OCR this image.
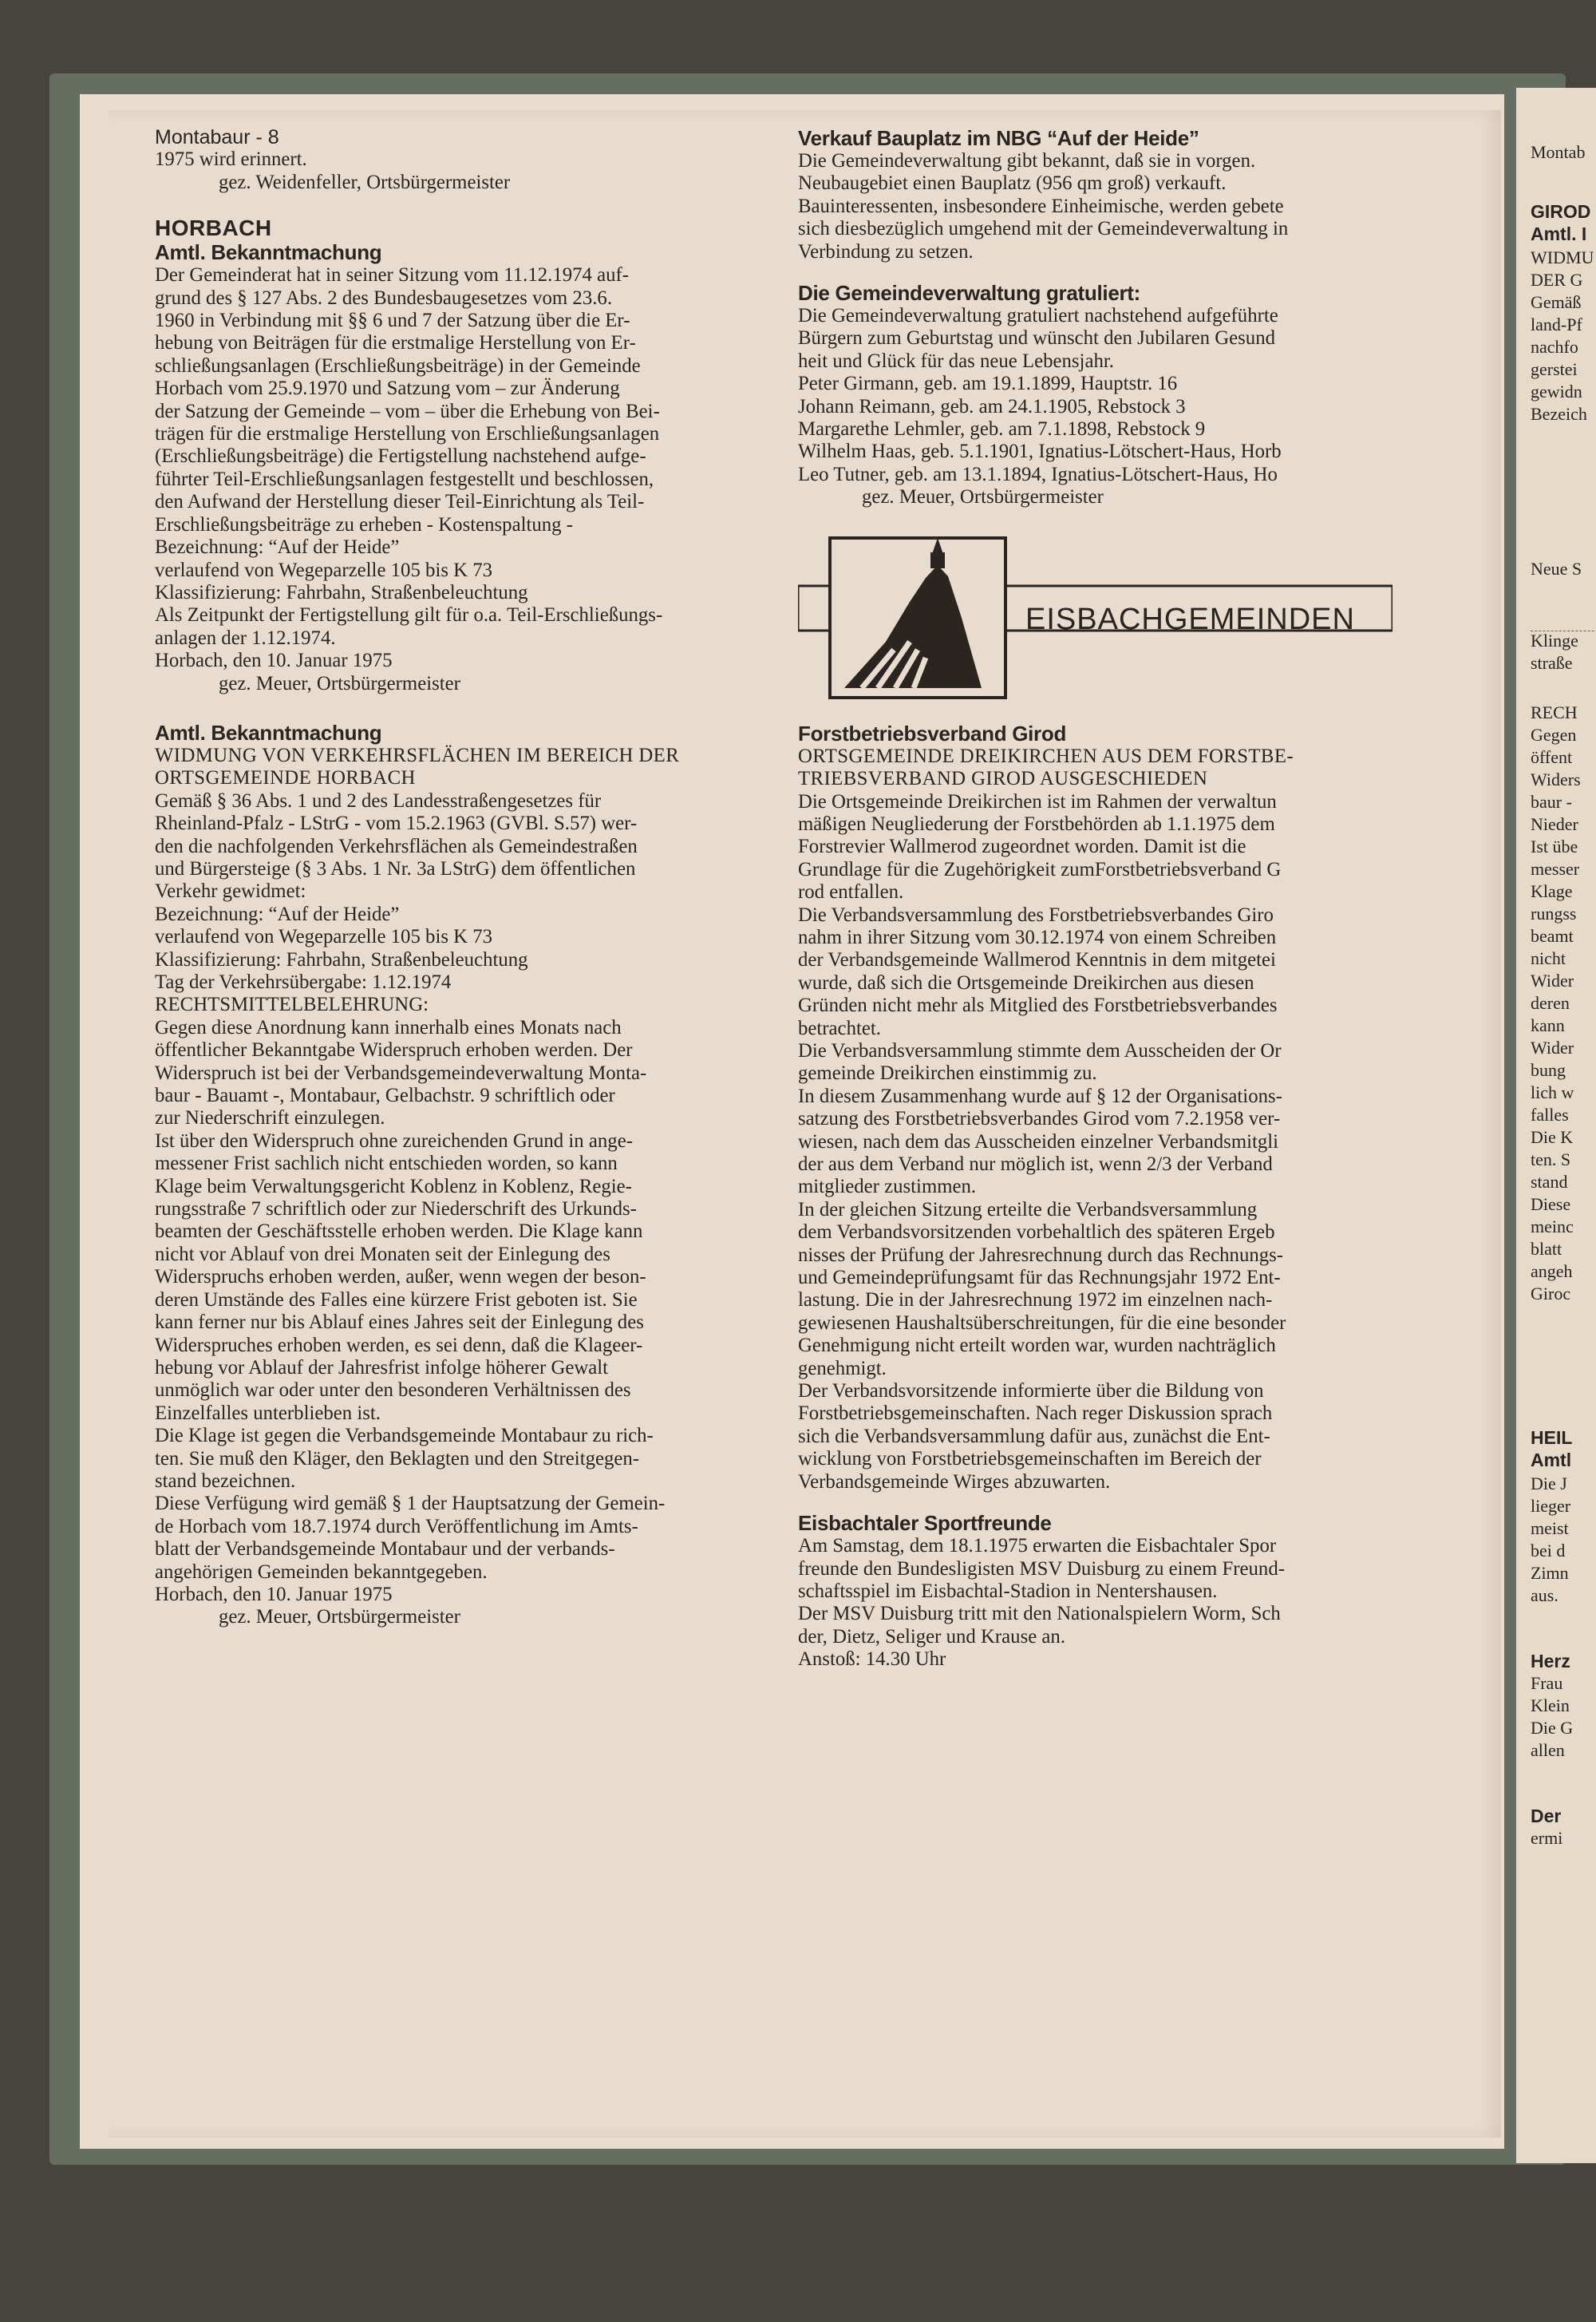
Montab
GIROD
Amtl. I
WIDMU
DER G
Gemäß
land-Pf
nachfo
gerstei
gewidn
Bezeich
Neue S
Klinge
straße
RECH
Gegen
öffent
Widers
baur -
Nieder
Ist übe
messer
Klage
rungss
beamt
nicht
Wider
deren
kann
Wider
bung
lich w
falles
Die K
ten. S
stand
Diese
meinc
blatt
angeh
Giroc
HEIL
Amtl
Die J
lieger
meist
bei d
Zimn
aus.
Herz
Frau
Klein
Die G
allen
Der
ermi

Montabaur - 8

1975 wird erinnert.

gez. Weidenfeller, Ortsbürgermeister

HORBACH

Amtl. Bekanntmachung

Der Gemeinderat hat in seiner Sitzung vom 11.12.1974 auf-

grund des § 127 Abs. 2 des Bundesbaugesetzes vom 23.6.

1960 in Verbindung mit §§ 6 und 7 der Satzung über die Er-

hebung von Beiträgen für die erstmalige Herstellung von Er-

schließungsanlagen (Erschließungsbeiträge) in der Gemeinde

Horbach vom 25.9.1970 und Satzung vom – zur Änderung

der Satzung der Gemeinde – vom – über die Erhebung von Bei-

trägen für die erstmalige Herstellung von Erschließungsanlagen

(Erschließungsbeiträge) die Fertigstellung nachstehend aufge-

führter Teil-Erschließungsanlagen festgestellt und beschlossen,

den Aufwand der Herstellung dieser Teil-Einrichtung als Teil-

Erschließungsbeiträge zu erheben - Kostenspaltung -

Bezeichnung: “Auf der Heide”

verlaufend von Wegeparzelle 105 bis K 73

Klassifizierung: Fahrbahn, Straßenbeleuchtung

Als Zeitpunkt der Fertigstellung gilt für o.a. Teil-Erschließungs-

anlagen der 1.12.1974.

Horbach, den 10. Januar 1975

gez. Meuer, Ortsbürgermeister

Amtl. Bekanntmachung

WIDMUNG VON VERKEHRSFLÄCHEN IM BEREICH DER

ORTSGEMEINDE HORBACH

Gemäß § 36 Abs. 1 und 2 des Landesstraßengesetzes für

Rheinland-Pfalz - LStrG - vom 15.2.1963 (GVBl. S.57) wer-

den die nachfolgenden Verkehrsflächen als Gemeindestraßen

und Bürgersteige (§ 3 Abs. 1 Nr. 3a LStrG) dem öffentlichen

Verkehr gewidmet:

Bezeichnung: “Auf der Heide”

verlaufend von Wegeparzelle 105 bis K 73

Klassifizierung: Fahrbahn, Straßenbeleuchtung

Tag der Verkehrsübergabe: 1.12.1974

RECHTSMITTELBELEHRUNG:

Gegen diese Anordnung kann innerhalb eines Monats nach

öffentlicher Bekanntgabe Widerspruch erhoben werden. Der

Widerspruch ist bei der Verbandsgemeindeverwaltung Monta-

baur - Bauamt -, Montabaur, Gelbachstr. 9 schriftlich oder

zur Niederschrift einzulegen.

Ist über den Widerspruch ohne zureichenden Grund in ange-

messener Frist sachlich nicht entschieden worden, so kann

Klage beim Verwaltungsgericht Koblenz in Koblenz, Regie-

rungsstraße 7 schriftlich oder zur Niederschrift des Urkunds-

beamten der Geschäftsstelle erhoben werden. Die Klage kann

nicht vor Ablauf von drei Monaten seit der Einlegung des

Widerspruchs erhoben werden, außer, wenn wegen der beson-

deren Umstände des Falles eine kürzere Frist geboten ist. Sie

kann ferner nur bis Ablauf eines Jahres seit der Einlegung des

Widerspruches erhoben werden, es sei denn, daß die Klageer-

hebung vor Ablauf der Jahresfrist infolge höherer Gewalt

unmöglich war oder unter den besonderen Verhältnissen des

Einzelfalles unterblieben ist.

Die Klage ist gegen die Verbandsgemeinde Montabaur zu rich-

ten. Sie muß den Kläger, den Beklagten und den Streitgegen-

stand bezeichnen.

Diese Verfügung wird gemäß § 1 der Hauptsatzung der Gemein-

de Horbach vom 18.7.1974 durch Veröffentlichung im Amts-

blatt der Verbandsgemeinde Montabaur und der verbands-

angehörigen Gemeinden bekanntgegeben.

Horbach, den 10. Januar 1975

gez. Meuer, Ortsbürgermeister

Verkauf Bauplatz im NBG “Auf der Heide”

Die Gemeindeverwaltung gibt bekannt, daß sie in vorgen.

Neubaugebiet einen Bauplatz (956 qm groß) verkauft.

Bauinteressenten, insbesondere Einheimische, werden gebete

sich diesbezüglich umgehend mit der Gemeindeverwaltung in

Verbindung zu setzen.

Die Gemeindeverwaltung gratuliert:

Die Gemeindeverwaltung gratuliert nachstehend aufgeführte

Bürgern zum Geburtstag und wünscht den Jubilaren Gesund

heit und Glück für das neue Lebensjahr.

Peter Girmann, geb. am 19.1.1899, Hauptstr. 16

Johann Reimann, geb. am 24.1.1905, Rebstock 3

Margarethe Lehmler, geb. am 7.1.1898, Rebstock 9

Wilhelm Haas, geb. 5.1.1901, Ignatius-Lötschert-Haus, Horb

Leo Tutner, geb. am 13.1.1894, Ignatius-Lötschert-Haus, Ho

gez. Meuer, Ortsbürgermeister

EISBACHGEMEINDEN

Forstbetriebsverband Girod

ORTSGEMEINDE DREIKIRCHEN AUS DEM FORSTBE-

TRIEBSVERBAND GIROD AUSGESCHIEDEN

Die Ortsgemeinde Dreikirchen ist im Rahmen der verwaltun

mäßigen Neugliederung der Forstbehörden ab 1.1.1975 dem

Forstrevier Wallmerod zugeordnet worden. Damit ist die

Grundlage für die Zugehörigkeit zumForstbetriebsverband G

rod entfallen.

Die Verbandsversammlung des Forstbetriebsverbandes Giro

nahm in ihrer Sitzung vom 30.12.1974 von einem Schreiben

der Verbandsgemeinde Wallmerod Kenntnis in dem mitgetei

wurde, daß sich die Ortsgemeinde Dreikirchen aus diesen

Gründen nicht mehr als Mitglied des Forstbetriebsverbandes

betrachtet.

Die Verbandsversammlung stimmte dem Ausscheiden der Or

gemeinde Dreikirchen einstimmig zu.

In diesem Zusammenhang wurde auf § 12 der Organisations-

satzung des Forstbetriebsverbandes Girod vom 7.2.1958 ver-

wiesen, nach dem das Ausscheiden einzelner Verbandsmitgli

der aus dem Verband nur möglich ist, wenn 2/3 der Verband

mitglieder zustimmen.

In der gleichen Sitzung erteilte die Verbandsversammlung

dem Verbandsvorsitzenden vorbehaltlich des späteren Ergeb

nisses der Prüfung der Jahresrechnung durch das Rechnungs-

und Gemeindeprüfungsamt für das Rechnungsjahr 1972 Ent-

lastung. Die in der Jahresrechnung 1972 im einzelnen nach-

gewiesenen Haushaltsüberschreitungen, für die eine besonder

Genehmigung nicht erteilt worden war, wurden nachträglich

genehmigt.

Der Verbandsvorsitzende informierte über die Bildung von

Forstbetriebsgemeinschaften. Nach reger Diskussion sprach

sich die Verbandsversammlung dafür aus, zunächst die Ent-

wicklung von Forstbetriebsgemeinschaften im Bereich der

Verbandsgemeinde Wirges abzuwarten.

Eisbachtaler Sportfreunde

Am Samstag, dem 18.1.1975 erwarten die Eisbachtaler Spor

freunde den Bundesligisten MSV Duisburg zu einem Freund-

schaftsspiel im Eisbachtal-Stadion in Nentershausen.

Der MSV Duisburg tritt mit den Nationalspielern Worm, Sch

der, Dietz, Seliger und Krause an.

Anstoß: 14.30 Uhr
